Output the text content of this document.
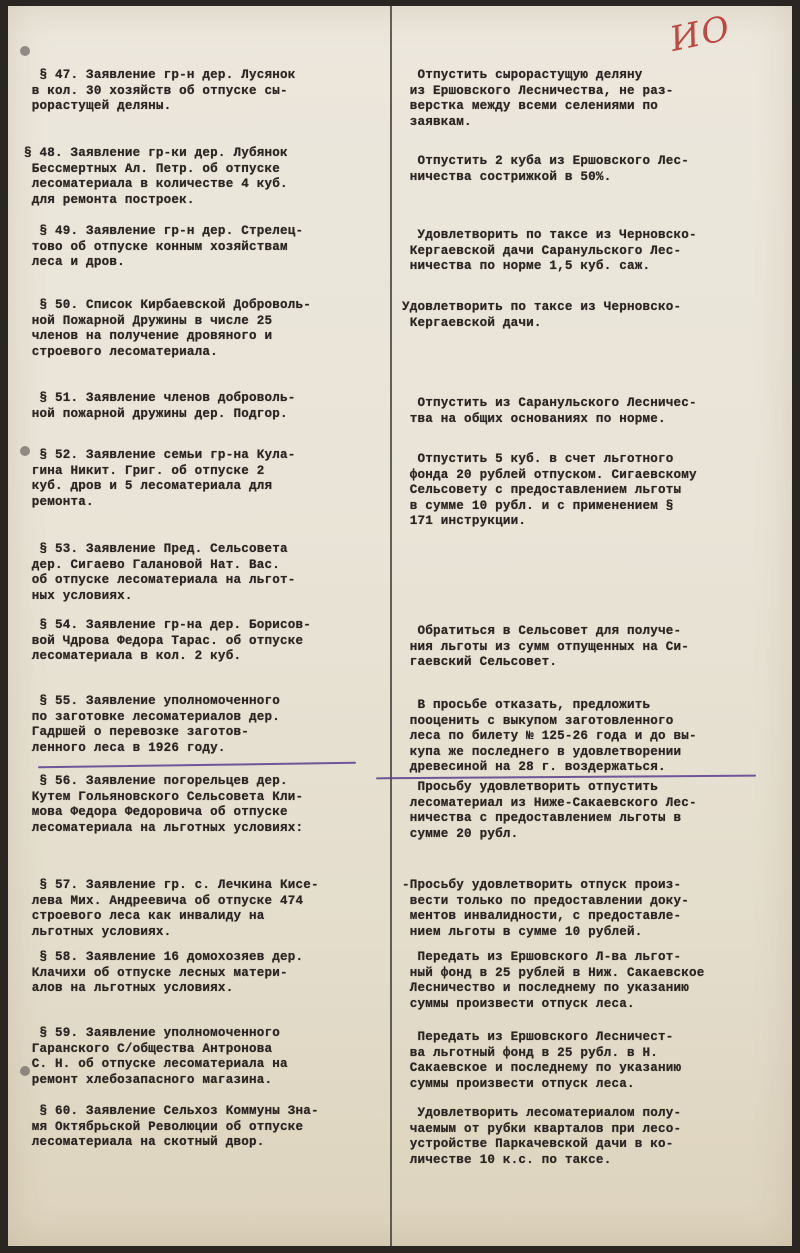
ИО
§ 47. Заявление гр-н дер. Лусянок
в кол. 30 хозяйств об отпуске сы-
рорастущей деляны.
Отпустить сырорастущую деляну
из Ершовского Лесничества, не раз-
верстка между всеми селениями по
заявкам.
§ 48. Заявление гр-ки дер. Лубянок
Бессмертных Ал. Петр. об отпуске
лесоматериала в количестве 4 куб.
для ремонта построек.
Отпустить 2 куба из Ершовского Лес-
ничества сострижкой в 50%.
§ 49. Заявление гр-н дер. Стрелец-
тово об отпуске конным хозяйствам
леса и дров.
Удовлетворить по таксе из Черновско-
Кергаевской дачи Саранульского Лес-
ничества по норме 1,5 куб. саж.
§ 50. Список Кирбаевской Доброволь-
ной Пожарной Дружины в числе 25
членов на получение дровяного и
строевого лесоматериала.
Удовлетворить по таксе из Черновско-
Кергаевской дачи.
§ 51. Заявление членов доброволь-
ной пожарной дружины дер. Подгор.
Отпустить из Саранульского Лесничес-
тва на общих основаниях по норме.
§ 52. Заявление семьи гр-на Кула-
гина Никит. Григ. об отпуске 2
куб. дров и 5 лесоматериала для
ремонта.
Отпустить 5 куб. в счет льготного
фонда 20 рублей отпуском. Сигаевскому
Сельсовету с предоставлением льготы
в сумме 10 рубл. и с применением §
171 инструкции.
§ 53. Заявление Пред. Сельсовета
дер. Сигаево Галановой Нат. Вас.
об отпуске лесоматериала на льгот-
ных условиях.
§ 54. Заявление гр-на дер. Борисов-
вой Чдрова Федора Тарас. об отпуске
лесоматериала в кол. 2 куб.
Обратиться в Сельсовет для получе-
ния льготы из сумм отпущенных на Си-
гаевский Сельсовет.
§ 55. Заявление уполномоченного
по заготовке лесоматериалов дер.
Гадршей о перевозке заготов-
ленного леса в 1926 году.
В просьбе отказать, предложить
пооценить с выкупом заготовленного
леса по билету № 125-26 года и до вы-
купа же последнего в удовлетворении
древесиной на 28 г. воздержаться.
§ 56. Заявление погорельцев дер.
Кутем Гольяновского Сельсовета Кли-
мова Федора Федоровича об отпуске
лесоматериала на льготных условиях:
Просьбу удовлетворить отпустить
лесоматериал из Ниже-Сакаевского Лес-
ничества с предоставлением льготы в
сумме 20 рубл.
§ 57. Заявление гр. с. Лечкина Кисе-
лева Мих. Андреевича об отпуске 474
строевого леса как инвалиду на
льготных условиях.
-Просьбу удовлетворить отпуск произ-
вести только по предоставлении доку-
ментов инвалидности, с предоставле-
нием льготы в сумме 10 рублей.
§ 58. Заявление 16 домохозяев дер.
Клачихи об отпуске лесных матери-
алов на льготных условиях.
Передать из Ершовского Л-ва льгот-
ный фонд в 25 рублей в Ниж. Сакаевское
Лесничество и последнему по указанию
суммы произвести отпуск леса.
§ 59. Заявление уполномоченного
Гаранского С/общества Антронова
С. Н. об отпуске лесоматериала на
ремонт хлебозапасного магазина.
Передать из Ершовского Лесничест-
ва льготный фонд в 25 рубл. в Н.
Сакаевское и последнему по указанию
суммы произвести отпуск леса.
§ 60. Заявление Сельхоз Коммуны Зна-
мя Октябрьской Революции об отпуске
лесоматериала на скотный двор.
Удовлетворить лесоматериалом полу-
чаемым от рубки кварталов при лесо-
устройстве Паркачевской дачи в ко-
личестве 10 к.с. по таксе.
